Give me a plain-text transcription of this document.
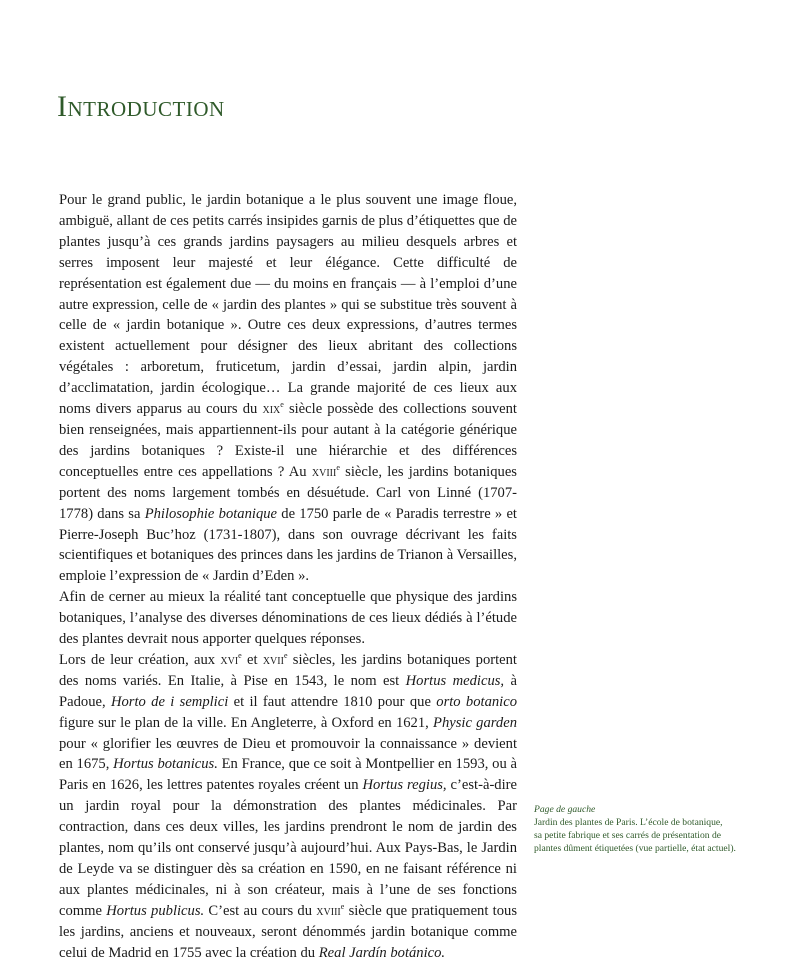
Introduction

Pour le grand public, le jardin botanique a le plus souvent une image floue, ambiguë, allant de ces petits carrés insipides garnis de plus d’étiquettes que de plantes jusqu’à ces grands jardins paysagers au milieu desquels arbres et serres imposent leur majesté et leur élégance. Cette difficulté de représentation est également due — du moins en français — à l’emploi d’une autre expression, celle de « jardin des plantes » qui se substitue très souvent à celle de « jardin botanique ». Outre ces deux expressions, d’autres termes existent actuellement pour désigner des lieux abritant des collections végétales : arboretum, fruticetum, jardin d’essai, jardin alpin, jardin d’acclimatation, jardin écologique… La grande majorité de ces lieux aux noms divers apparus au cours du xix$^e$ siècle possède des collections souvent bien renseignées, mais appartiennent-ils pour autant à la catégorie générique des jardins botaniques ? Existe-il une hiérarchie et des différences conceptuelles entre ces appellations ? Au xviii$^e$ siècle, les jardins botaniques portent des noms largement tombés en désuétude. Carl von Linné (1707-1778) dans sa Philosophie botanique de 1750 parle de « Paradis terrestre » et Pierre-Joseph Buc’hoz (1731-1807), dans son ouvrage décrivant les faits scientifiques et botaniques des princes dans les jardins de Trianon à Versailles, emploie l’expression de « Jardin d’Eden ».

Afin de cerner au mieux la réalité tant conceptuelle que physique des jardins botaniques, l’analyse des diverses dénominations de ces lieux dédiés à l’étude des plantes devrait nous apporter quelques réponses.

Lors de leur création, aux xvi$^e$ et xvii$^e$ siècles, les jardins botaniques portent des noms variés. En Italie, à Pise en 1543, le nom est Hortus medicus, à Padoue, Horto de i semplici et il faut attendre 1810 pour que orto botanico figure sur le plan de la ville. En Angleterre, à Oxford en 1621, Physic garden pour « glorifier les œuvres de Dieu et promouvoir la connaissance » devient en 1675, Hortus botanicus. En France, que ce soit à Montpellier en 1593, ou à Paris en 1626, les lettres patentes royales créent un Hortus regius, c’est-à-dire un jardin royal pour la démonstration des plantes médicinales. Par contraction, dans ces deux villes, les jardins prendront le nom de jardin des plantes, nom qu’ils ont conservé jusqu’à aujourd’hui. Aux Pays-Bas, le Jardin de Leyde va se distinguer dès sa création en 1590, en ne faisant référence ni aux plantes médicinales, ni à son créateur, mais à l’une de ses fonctions comme Hortus publicus. C’est au cours du xviii$^e$ siècle que pratiquement tous les jardins, anciens et nouveaux, seront dénommés jardin botanique comme celui de Madrid en 1755 avec la création du Real Jardín botánico.

Page de gauche
Jardin des plantes de Paris. L’école de botanique,
sa petite fabrique et ses carrés de présentation de
plantes dûment étiquetées (vue partielle, état actuel).
